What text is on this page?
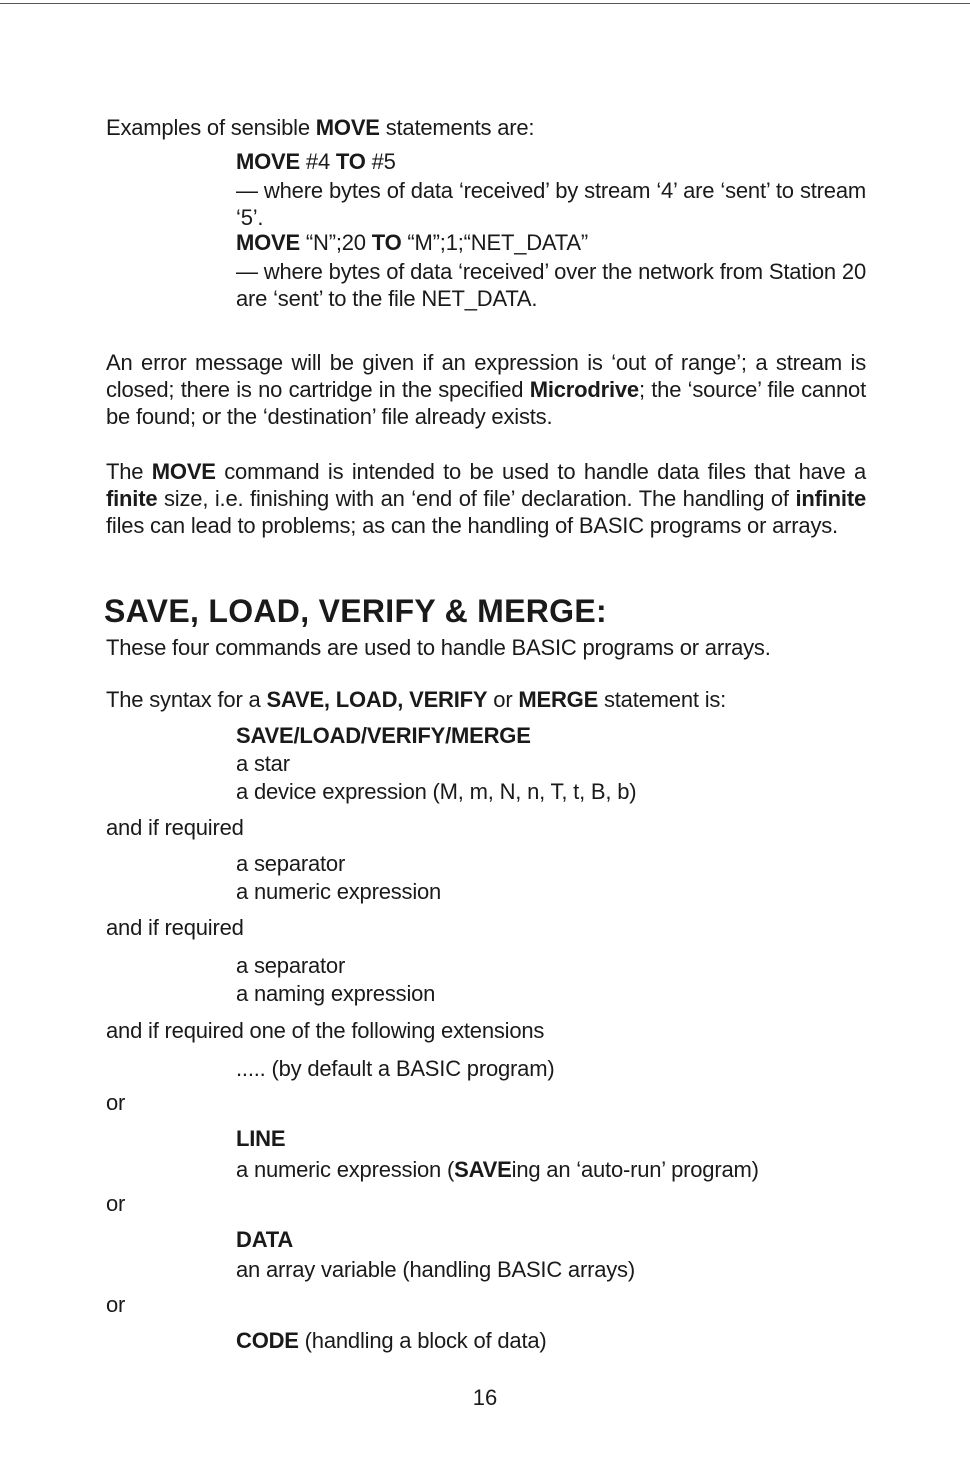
Examples of sensible MOVE statements are:
MOVE #4 TO #5
— where bytes of data ‘received’ by stream ‘4’ are ‘sent’ to stream ‘5’.
MOVE “N”;20 TO “M”;1;“NET_DATA”
— where bytes of data ‘received’ over the network from Station 20 are ‘sent’ to the file NET_DATA.
An error message will be given if an expression is ‘out of range’; a stream is closed; there is no cartridge in the specified Microdrive; the ‘source’ file cannot be found; or the ‘destination’ file already exists.
The MOVE command is intended to be used to handle data files that have a finite size, i.e. finishing with an ‘end of file’ declaration. The handling of infinite files can lead to problems; as can the handling of BASIC programs or arrays.
SAVE, LOAD, VERIFY & MERGE:
These four commands are used to handle BASIC programs or arrays.
The syntax for a SAVE, LOAD, VERIFY or MERGE statement is:
SAVE/LOAD/VERIFY/MERGE
a star
a device expression (M, m, N, n, T, t, B, b)
and if required
a separator
a numeric expression
and if required
a separator
a naming expression
and if required one of the following extensions
..... (by default a BASIC program)
or
LINE
a numeric expression (SAVEing an ‘auto-run’ program)
or
DATA
an array variable (handling BASIC arrays)
or
CODE (handling a block of data)
16
